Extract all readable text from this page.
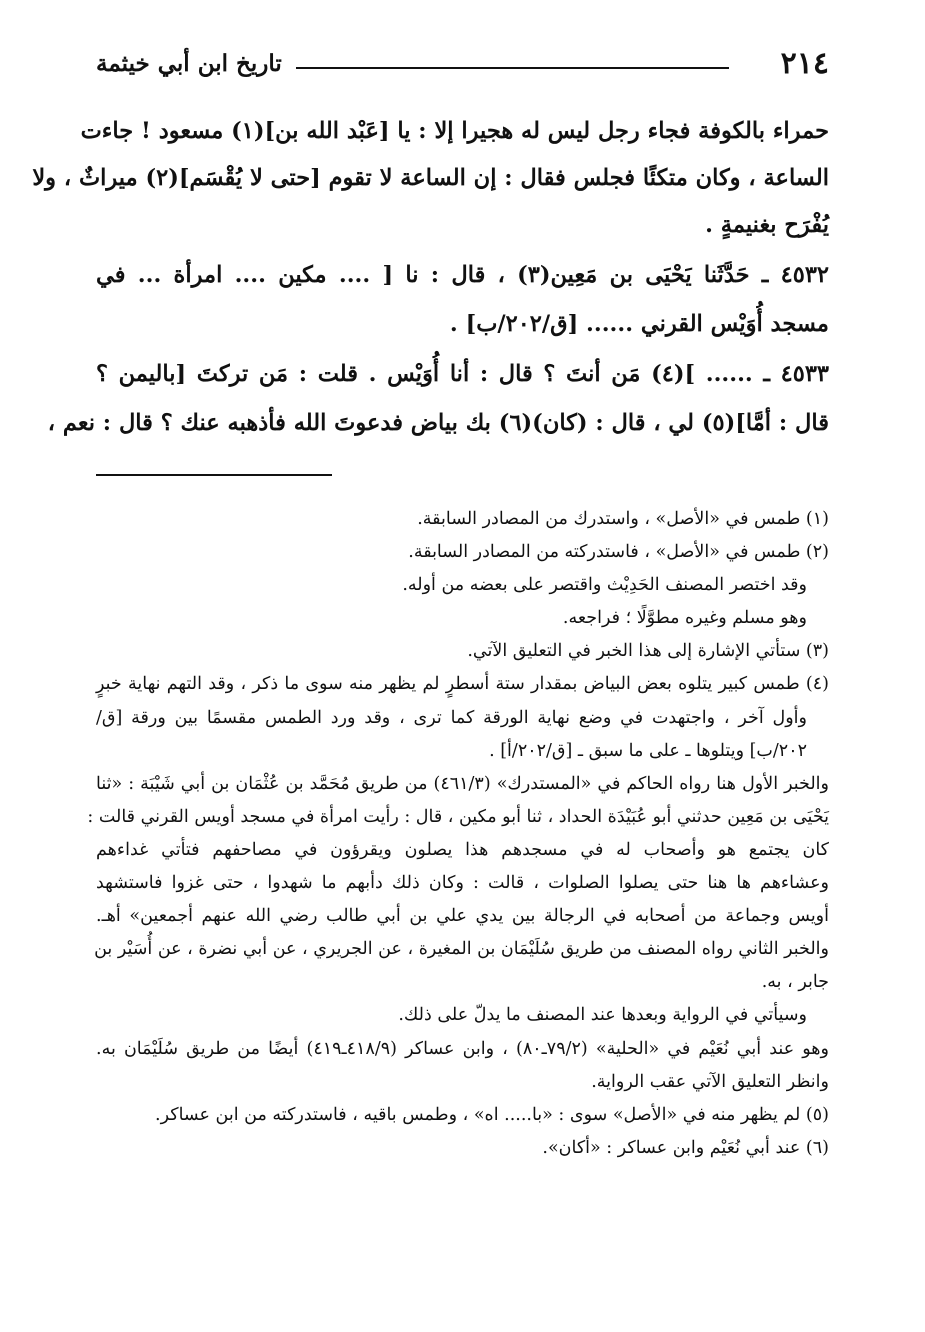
٢١٤
تاريخ ابن أبي خيثمة
حمراء بالكوفة فجاء رجل ليس له هجيرا إلا : يا [عَبْد الله بن](١) مسعود ! جاءت
الساعة ، وكان متكئًا فجلس فقال : إن الساعة لا تقوم [حتى لا يُقْسَم](٢) ميراثٌ ، ولا
يُفْرَح بغنيمةٍ .
٤٥٣٢ ـ حَدَّثَنا يَحْيَى بن مَعِين(٣) ، قال : نا [ .... مكين .... امرأة ... في
مسجد أُوَيْس القرني ...... [ق/٢٠٢/ب] .
٤٥٣٣ ـ ...... ](٤) مَن أنتَ ؟ قال : أنا أُوَيْس . قلت : مَن تركتَ [باليمن ؟
قال : أمَّا](٥) لي ، قال : (كان)(٦) بك بياض فدعوتَ الله فأذهبه عنك ؟ قال : نعم ،
(١) طمس في «الأصل» ، واستدرك من المصادر السابقة.
(٢) طمس في «الأصل» ، فاستدركته من المصادر السابقة.
وقد اختصر المصنف الحَدِيْث واقتصر على بعضه من أوله.
وهو مسلم وغيره مطوَّلًا ؛ فراجعه.
(٣) ستأتي الإشارة إلى هذا الخبر في التعليق الآتي.
(٤) طمس كبير يتلوه بعض البياض بمقدار ستة أسطرٍ لم يظهر منه سوى ما ذكر ، وقد التهم نهاية خبرٍ
وأول آخر ، واجتهدت في وضع نهاية الورقة كما ترى ، وقد ورد الطمس مقسمًا بين ورقة [ق/
٢٠٢/ب] ويتلوها ـ على ما سبق ـ [ق/٢٠٢/أ] .
والخبر الأول هنا رواه الحاكم في «المستدرك» (٤٦١/٣) من طريق مُحَمَّد بن عُثْمَان بن أبي شَيْبَة : «ثنا
يَحْيَى بن مَعِين حدثني أبو عُبَيْدَة الحداد ، ثنا أبو مكين ، قال : رأيت امرأة في مسجد أويس القرني قالت :
كان يجتمع هو وأصحاب له في مسجدهم هذا يصلون ويقرؤون في مصاحفهم فتأتي غداءهم
وعشاءهم ها هنا حتى يصلوا الصلوات ، قالت : وكان ذلك دأبهم ما شهدوا ، حتى غزوا فاستشهد
أويس وجماعة من أصحابه في الرجالة بين يدي علي بن أبي طالب رضي الله عنهم أجمعين» أهـ.
والخبر الثاني رواه المصنف من طريق سُلَيْمَان بن المغيرة ، عن الجريري ، عن أبي نضرة ، عن أُسَيْر بن
جابر ، به.
وسيأتي في الرواية وبعدها عند المصنف ما يدلّ على ذلك.
وهو عند أبي نُعَيْم في «الحلية» (٧٩/٢ـ٨٠) ، وابن عساكر (٤١٨/٩ـ٤١٩) أيضًا من طريق سُلَيْمَان به.
وانظر التعليق الآتي عقب الرواية.
(٥) لم يظهر منه في «الأصل» سوى : «با..... اه» ، وطمس باقيه ، فاستدركته من ابن عساكر.
(٦) عند أبي نُعَيْم وابن عساكر : «أكان».
